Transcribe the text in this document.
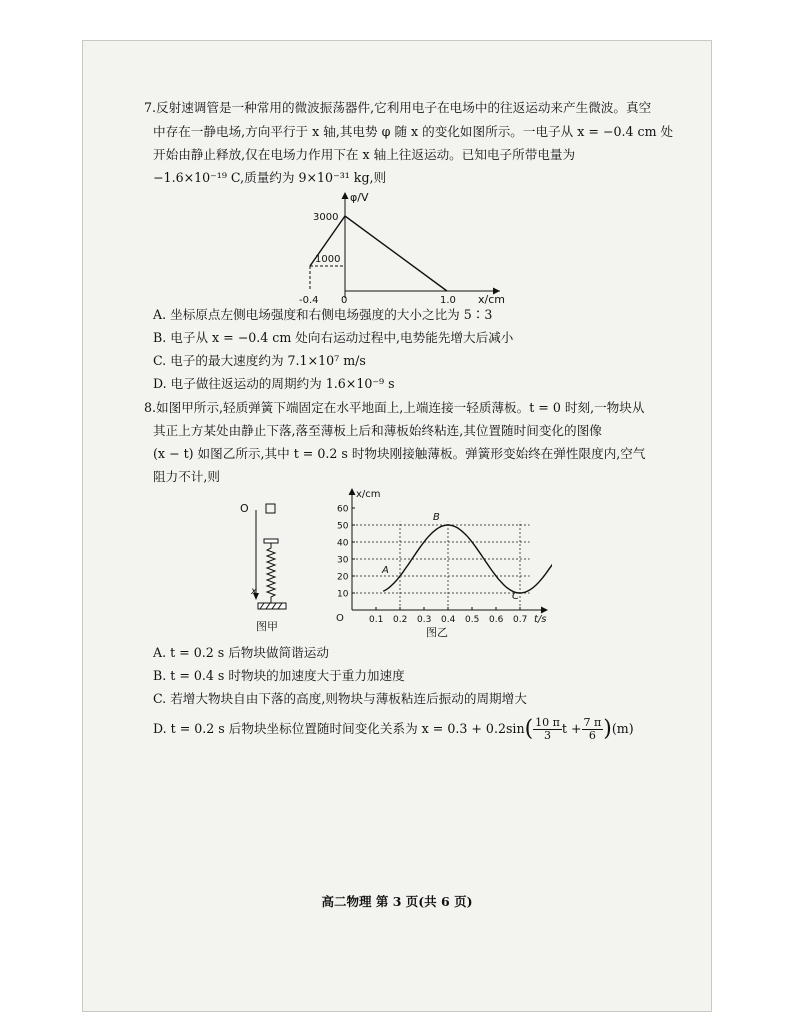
7.反射速调管是一种常用的微波振荡器件,它利用电子在电场中的往返运动来产生微波。真空
中存在一静电场,方向平行于 x 轴,其电势 φ 随 x 的变化如图所示。一电子从 x = −0.4 cm 处
开始由静止释放,仅在电场力作用下在 x 轴上往返运动。已知电子所带电量为
−1.6×10⁻¹⁹ C,质量约为 9×10⁻³¹ kg,则
φ/V
x/cm
3000
1000
-0.4 0	1.0
A. 坐标原点左侧电场强度和右侧电场强度的大小之比为 5∶3
B. 电子从 x = −0.4 cm 处向右运动过程中,电势能先增大后减小
C. 电子的最大速度约为 7.1×10⁷ m/s
D. 电子做往返运动的周期约为 1.6×10⁻⁹ s
8.如图甲所示,轻质弹簧下端固定在水平地面上,上端连接一轻质薄板。t = 0 时刻,一物块从
其正上方某处由静止下落,落至薄板上后和薄板始终粘连,其位置随时间变化的图像
(x − t) 如图乙所示,其中 t = 0.2 s 时物块刚接触薄板。弹簧形变始终在弹性限度内,空气
阻力不计,则
O
x
图甲
x/cm
t/s
O
60
50
40
30
20
10
0.1 0.2 0.3 0.4 0.5 0.6 0.7
A
B
C
图乙
A. t = 0.2 s 后物块做简谐运动
B. t = 0.4 s 时物块的加速度大于重力加速度
C. 若增大物块自由下落的高度,则物块与薄板粘连后振动的周期增大
D. t = 0.2 s 后物块坐标位置随时间变化关系为 $x = 0.3 + 0.2\sin( \frac{10 \pi}{3}$ $t + \frac{7 \pi}{6} )(m)$
高二物理 第 3 页(共 6 页)
